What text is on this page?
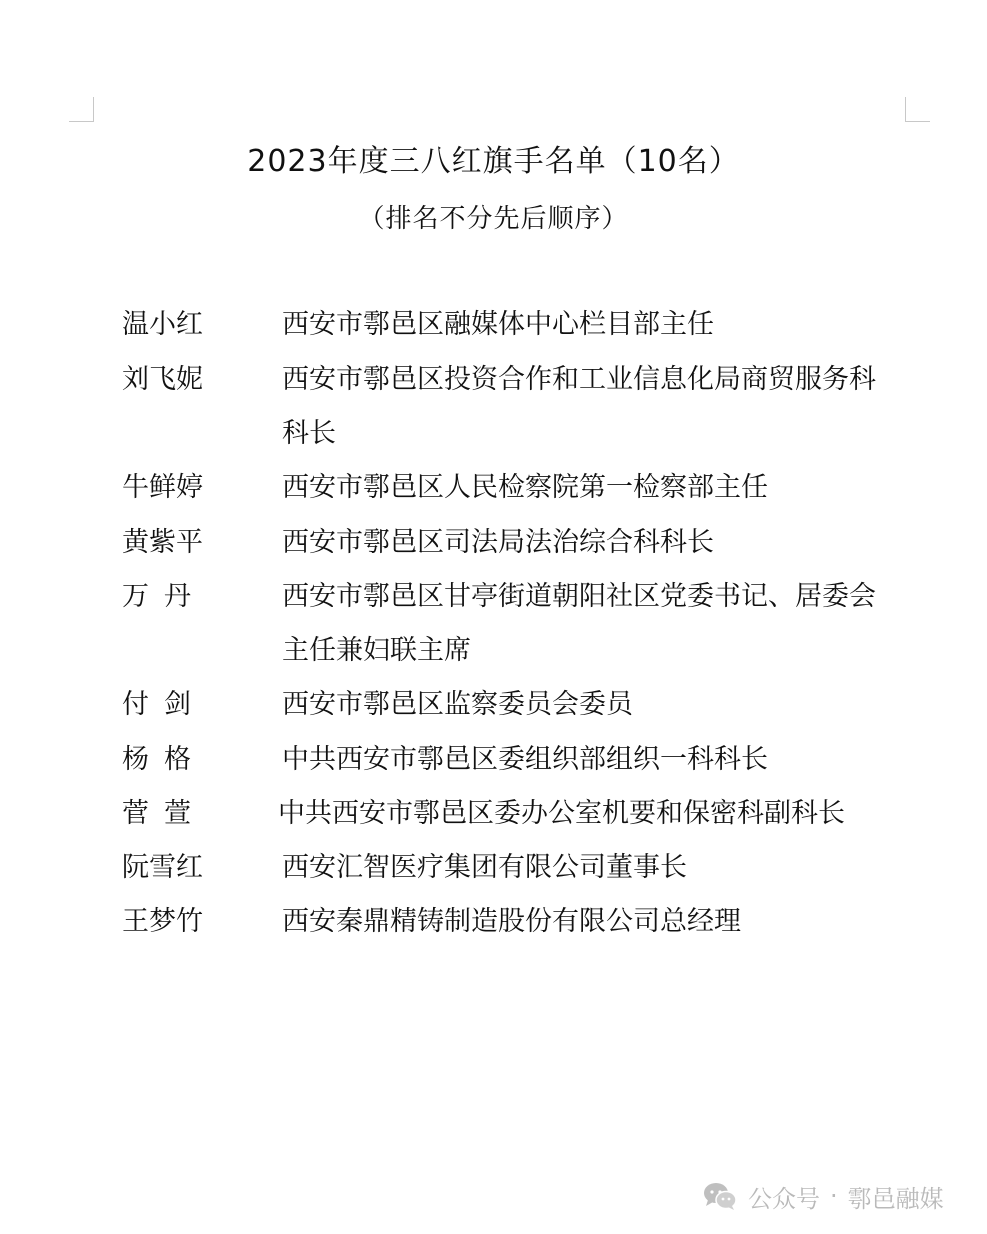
2023年度三八红旗手名单（10名）
（排名不分先后顺序）
温小红	西安市鄠邑区融媒体中心栏目部主任
刘飞妮	西安市鄠邑区投资合作和工业信息化局商贸服务科科长
牛鲜婷	西安市鄠邑区人民检察院第一检察部主任
黄紫平	西安市鄠邑区司法局法治综合科科长
万丹	西安市鄠邑区甘亭街道朝阳社区党委书记、居委会主任兼妇联主席
付剑	西安市鄠邑区监察委员会委员
杨格	中共西安市鄠邑区委组织部组织一科科长
菅萱	中共西安市鄠邑区委办公室机要和保密科副科长
阮雪红	西安汇智医疗集团有限公司董事长
王梦竹	西安秦鼎精铸制造股份有限公司总经理
公众号 · 鄠邑融媒
